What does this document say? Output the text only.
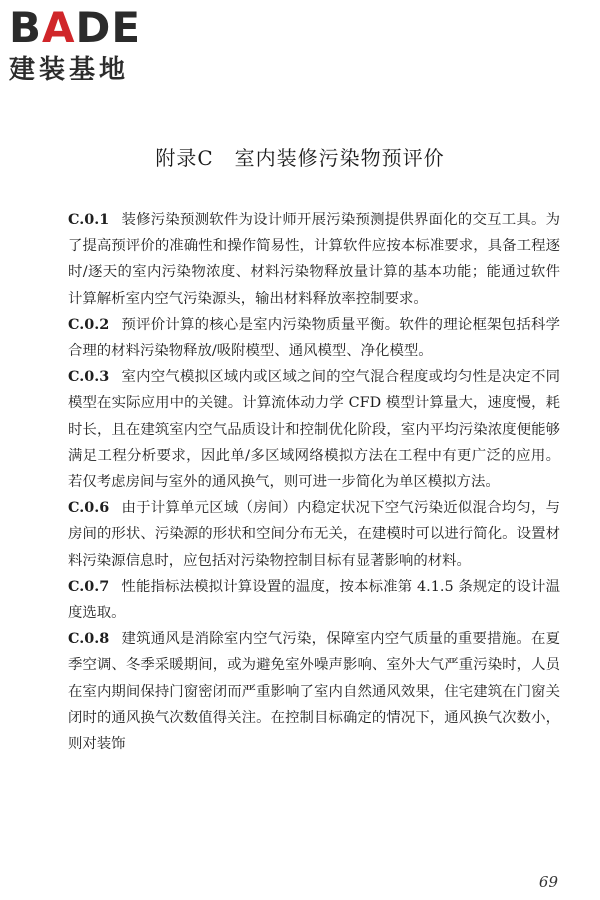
BADE
建装基地
附录C　室内装修污染物预评价

C.0.1 装修污染预测软件为设计师开展污染预测提供界面化的交互工具。为了提高预评价的准确性和操作简易性，计算软件应按本标准要求，具备工程逐时/逐天的室内污染物浓度、材料污染物释放量计算的基本功能；能通过软件计算解析室内空气污染源头，输出材料释放率控制要求。

C.0.2 预评价计算的核心是室内污染物质量平衡。软件的理论框架包括科学合理的材料污染物释放/吸附模型、通风模型、净化模型。

C.0.3 室内空气模拟区域内或区域之间的空气混合程度或均匀性是决定不同模型在实际应用中的关键。计算流体动力学 CFD 模型计算量大，速度慢，耗时长，且在建筑室内空气品质设计和控制优化阶段，室内平均污染浓度便能够满足工程分析要求，因此单/多区域网络模拟方法在工程中有更广泛的应用。若仅考虑房间与室外的通风换气，则可进一步简化为单区模拟方法。

C.0.6 由于计算单元区域（房间）内稳定状况下空气污染近似混合均匀，与房间的形状、污染源的形状和空间分布无关，在建模时可以进行简化。设置材料污染源信息时，应包括对污染物控制目标有显著影响的材料。

C.0.7 性能指标法模拟计算设置的温度，按本标准第 4.1.5 条规定的设计温度选取。

C.0.8 建筑通风是消除室内空气污染，保障室内空气质量的重要措施。在夏季空调、冬季采暖期间，或为避免室外噪声影响、室外大气严重污染时，人员在室内期间保持门窗密闭而严重影响了室内自然通风效果，住宅建筑在门窗关闭时的通风换气次数值得关注。在控制目标确定的情况下，通风换气次数小，则对装饰

69
